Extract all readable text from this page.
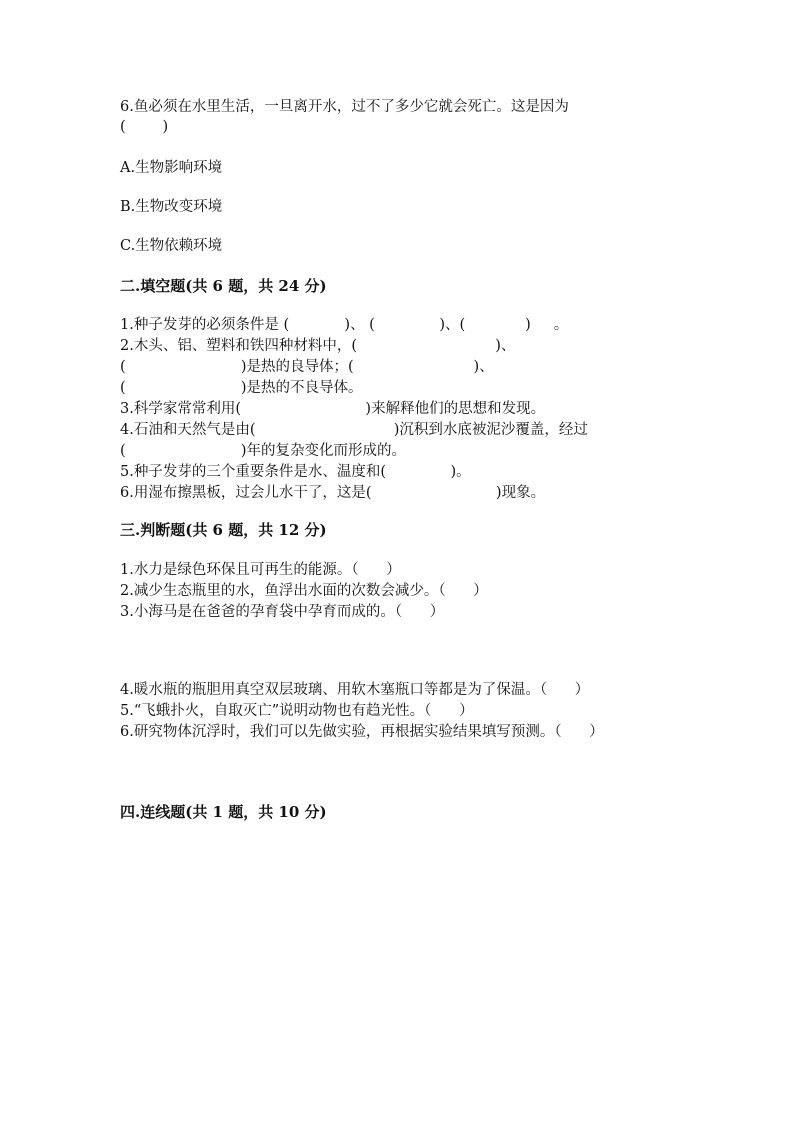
6.鱼必须在水里生活，一旦离开水，过不了多少它就会死亡。这是因为

(        )

A.生物影响环境

B.生物改变环境

C.生物依赖环境

二.填空题(共 6 题，共 24 分)

1.种子发芽的必须条件是 (            )、 (              )、(             )     。

2.木头、铝、塑料和铁四种材料中，(                              )、

(                         )是热的良导体；(                          )、

(                         )是热的不良导体。

3.科学家常常利用(                           )来解释他们的思想和发现。

4.石油和天然气是由(                              )沉积到水底被泥沙覆盖，经过

(                         )年的复杂变化而形成的。

5.种子发芽的三个重要条件是水、温度和(              )。

6.用湿布擦黑板，过会儿水干了，这是(                           )现象。

三.判断题(共 6 题，共 12 分)

1.水力是绿色环保且可再生的能源。（      ）

2.减少生态瓶里的水，鱼浮出水面的次数会减少。（      ）

3.小海马是在爸爸的孕育袋中孕育而成的。（      ）

4.暖水瓶的瓶胆用真空双层玻璃、用软木塞瓶口等都是为了保温。（      ）

5.“飞蛾扑火，自取灭亡”说明动物也有趋光性。（      ）

6.研究物体沉浮时，我们可以先做实验，再根据实验结果填写预测。（      ）

四.连线题(共 1 题，共 10 分)
